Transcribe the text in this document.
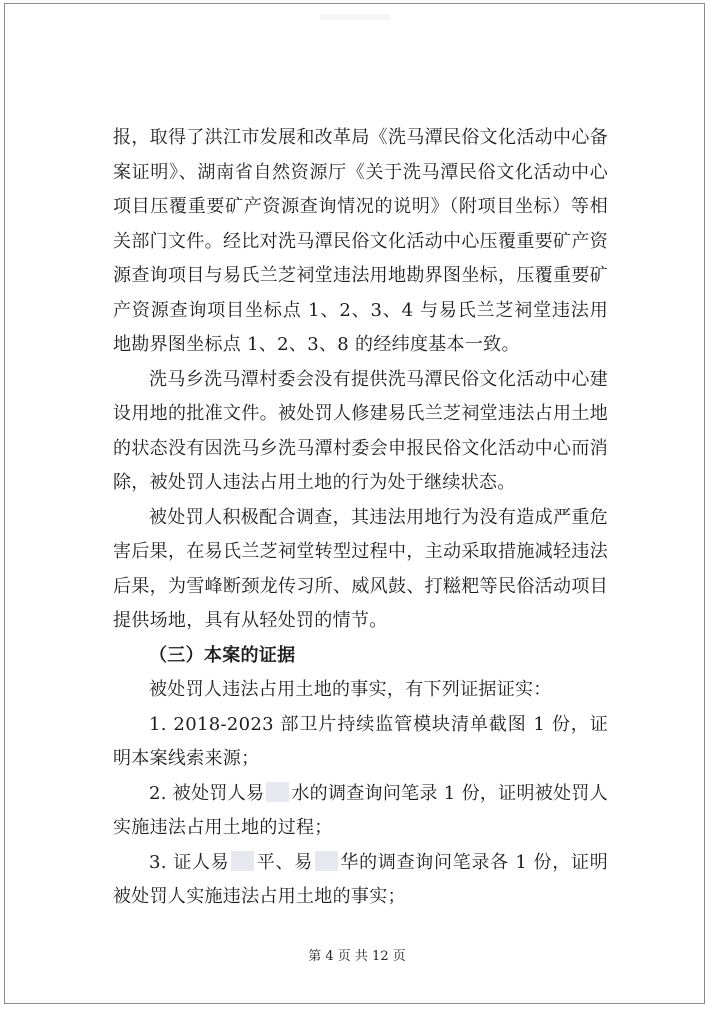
报，取得了洪江市发展和改革局《洗马潭民俗文化活动中心备案证明》、湖南省自然资源厅《关于洗马潭民俗文化活动中心项目压覆重要矿产资源查询情况的说明》（附项目坐标）等相关部门文件。经比对洗马潭民俗文化活动中心压覆重要矿产资源查询项目与易氏兰芝祠堂违法用地勘界图坐标，压覆重要矿产资源查询项目坐标点 1、2、3、4 与易氏兰芝祠堂违法用地勘界图坐标点 1、2、3、8 的经纬度基本一致。

洗马乡洗马潭村委会没有提供洗马潭民俗文化活动中心建设用地的批准文件。被处罚人修建易氏兰芝祠堂违法占用土地的状态没有因洗马乡洗马潭村委会申报民俗文化活动中心而消除，被处罚人违法占用土地的行为处于继续状态。

被处罚人积极配合调查，其违法用地行为没有造成严重危害后果，在易氏兰芝祠堂转型过程中，主动采取措施减轻违法后果，为雪峰断颈龙传习所、威风鼓、打糍粑等民俗活动项目提供场地，具有从轻处罚的情节。

（三）本案的证据

被处罚人违法占用土地的事实，有下列证据证实：

1. 2018-2023 部卫片持续监管模块清单截图 1 份，证明本案线索来源；

2. 被处罚人易 水的调查询问笔录 1 份，证明被处罚人实施违法占用土地的过程；

3. 证人易 平、易 华的调查询问笔录各 1 份，证明被处罚人实施违法占用土地的事实；

第 4 页 共 12 页
